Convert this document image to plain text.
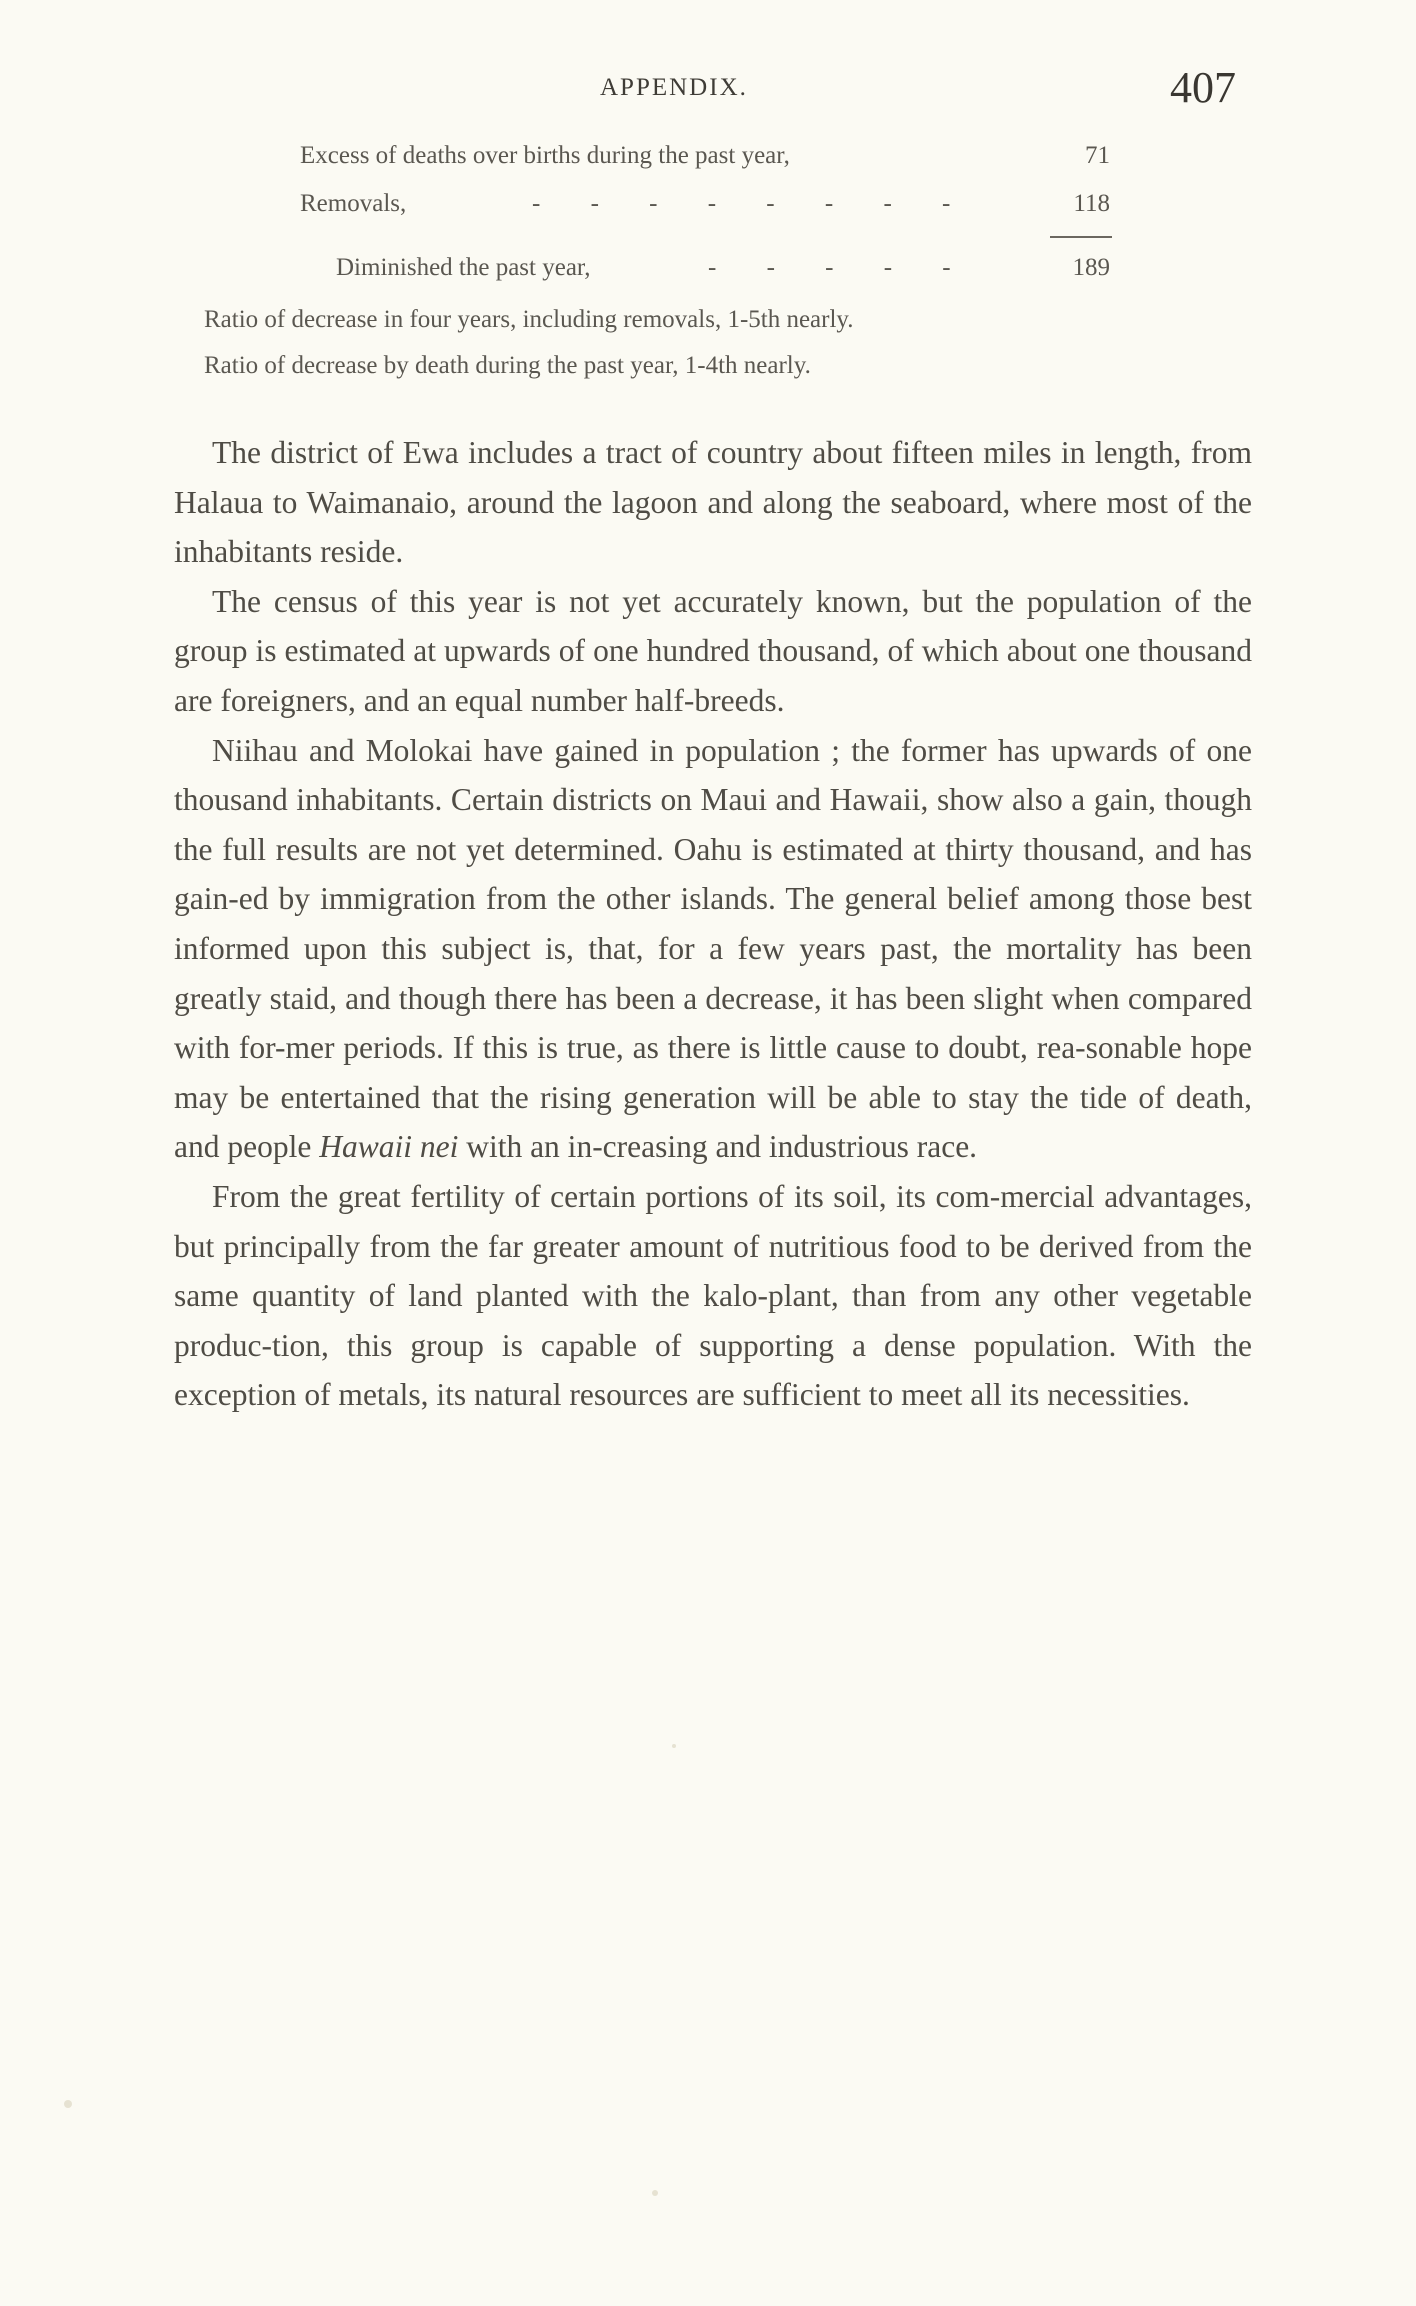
APPENDIX.	407
Excess of deaths over births during the past year,	71
Removals,	- - - - - - - -	118
Diminished the past year,	- - - - -	189
Ratio of decrease in four years, including removals, 1-5th nearly.
Ratio of decrease by death during the past year, 1-4th nearly.

The district of Ewa includes a tract of country about fifteen miles in length, from Halaua to Waimanaio, around the lagoon and along the seaboard, where most of the inhabitants reside.

The census of this year is not yet accurately known, but the population of the group is estimated at upwards of one hundred thousand, of which about one thousand are foreigners, and an equal number half-breeds.

Niihau and Molokai have gained in population ; the former has upwards of one thousand inhabitants. Certain districts on Maui and Hawaii, show also a gain, though the full results are not yet determined. Oahu is estimated at thirty thousand, and has gain-ed by immigration from the other islands. The general belief among those best informed upon this subject is, that, for a few years past, the mortality has been greatly staid, and though there has been a decrease, it has been slight when compared with for-mer periods. If this is true, as there is little cause to doubt, rea-sonable hope may be entertained that the rising generation will be able to stay the tide of death, and people Hawaii nei with an in-creasing and industrious race.

From the great fertility of certain portions of its soil, its com-mercial advantages, but principally from the far greater amount of nutritious food to be derived from the same quantity of land planted with the kalo-plant, than from any other vegetable produc-tion, this group is capable of supporting a dense population. With the exception of metals, its natural resources are sufficient to meet all its necessities.
